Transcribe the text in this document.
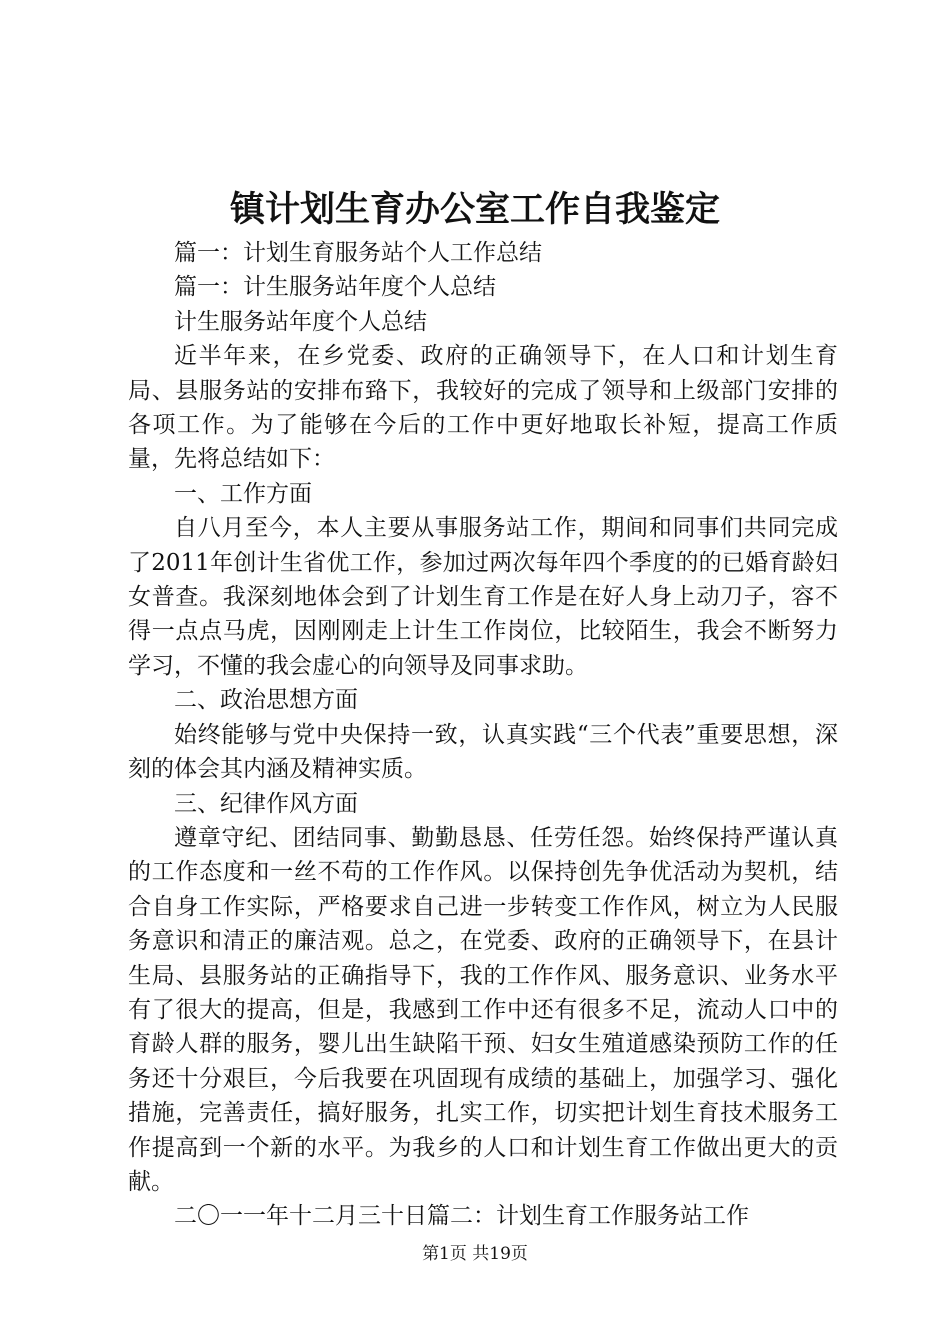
镇计划生育办公室工作自我鉴定

篇一：计划生育服务站个人工作总结

篇一：计生服务站年度个人总结

计生服务站年度个人总结

近半年来，在乡党委、政府的正确领导下，在人口和计划生育局、县服务站的安排布臵下，我较好的完成了领导和上级部门安排的各项工作。为了能够在今后的工作中更好地取长补短，提高工作质量，先将总结如下：

一、工作方面

自八月至今，本人主要从事服务站工作，期间和同事们共同完成了2011年创计生省优工作，参加过两次每年四个季度的的已婚育龄妇女普查。我深刻地体会到了计划生育工作是在好人身上动刀子，容不得一点点马虎，因刚刚走上计生工作岗位，比较陌生，我会不断努力学习，不懂的我会虚心的向领导及同事求助。

二、政治思想方面

始终能够与党中央保持一致，认真实践“三个代表”重要思想，深刻的体会其内涵及精神实质。

三、纪律作风方面

遵章守纪、团结同事、勤勤恳恳、任劳任怨。始终保持严谨认真的工作态度和一丝不苟的工作作风。以保持创先争优活动为契机，结合自身工作实际，严格要求自己进一步转变工作作风，树立为人民服务意识和清正的廉洁观。总之，在党委、政府的正确领导下，在县计生局、县服务站的正确指导下，我的工作作风、服务意识、业务水平有了很大的提高，但是，我感到工作中还有很多不足，流动人口中的育龄人群的服务，婴儿出生缺陷干预、妇女生殖道感染预防工作的任务还十分艰巨，今后我要在巩固现有成绩的基础上，加强学习、强化措施，完善责任，搞好服务，扎实工作，切实把计划生育技术服务工作提高到一个新的水平。为我乡的人口和计划生育工作做出更大的贡献。

二〇一一年十二月三十日篇二：计划生育工作服务站工作

第1页 共19页
